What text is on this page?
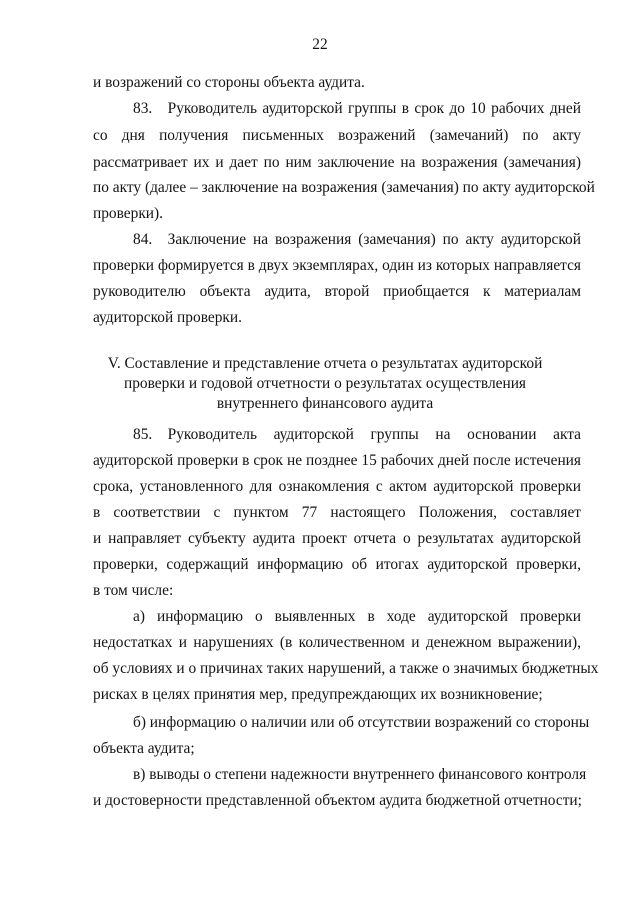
22
и возражений со стороны объекта аудита.
83. Руководитель аудиторской группы в срок до 10 рабочих дней
со дня получения письменных возражений (замечаний) по акту
рассматривает их и дает по ним заключение на возражения (замечания)
по акту (далее – заключение на возражения (замечания) по акту аудиторской
проверки).
84. Заключение на возражения (замечания) по акту аудиторской
проверки формируется в двух экземплярах, один из которых направляется
руководителю объекта аудита, второй приобщается к материалам
аудиторской проверки.
V. Составление и представление отчета о результатах аудиторской
проверки и годовой отчетности о результатах осуществления
внутреннего финансового аудита
85. Руководитель аудиторской группы на основании акта
аудиторской проверки в срок не позднее 15 рабочих дней после истечения
срока, установленного для ознакомления с актом аудиторской проверки
в соответствии с пунктом 77 настоящего Положения, составляет
и направляет субъекту аудита проект отчета о результатах аудиторской
проверки, содержащий информацию об итогах аудиторской проверки,
в том числе:
а) информацию о выявленных в ходе аудиторской проверки
недостатках и нарушениях (в количественном и денежном выражении),
об условиях и о причинах таких нарушений, а также о значимых бюджетных
рисках в целях принятия мер, предупреждающих их возникновение;
б) информацию о наличии или об отсутствии возражений со стороны
объекта аудита;
в) выводы о степени надежности внутреннего финансового контроля
и достоверности представленной объектом аудита бюджетной отчетности;
